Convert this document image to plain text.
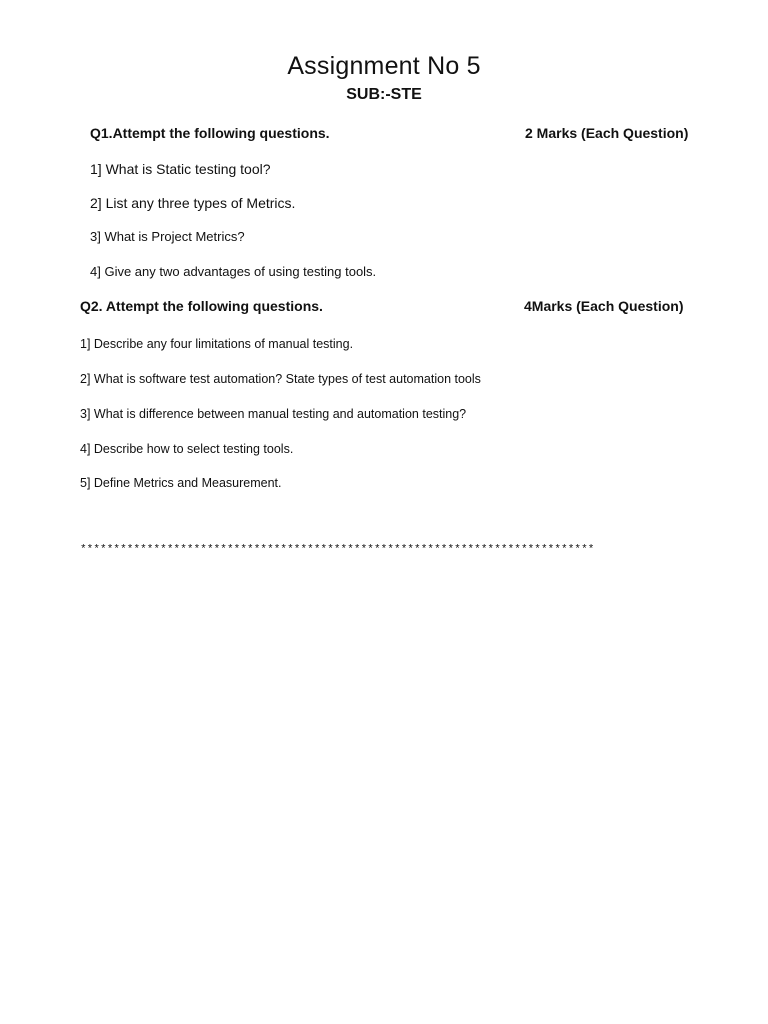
Assignment No 5
SUB:-STE
Q1.Attempt the following questions.	2 Marks (Each Question)
1] What is Static testing tool?
2] List any three types of Metrics.
3] What is Project Metrics?
4] Give any two advantages of using testing tools.
Q2. Attempt the following questions.	4Marks (Each Question)
1] Describe any four limitations of manual testing.
2] What is software test automation? State types of test automation tools
3] What is difference between manual testing and automation testing?
4] Describe how to select testing tools.
5] Define Metrics and Measurement.
*****************************************************************************
